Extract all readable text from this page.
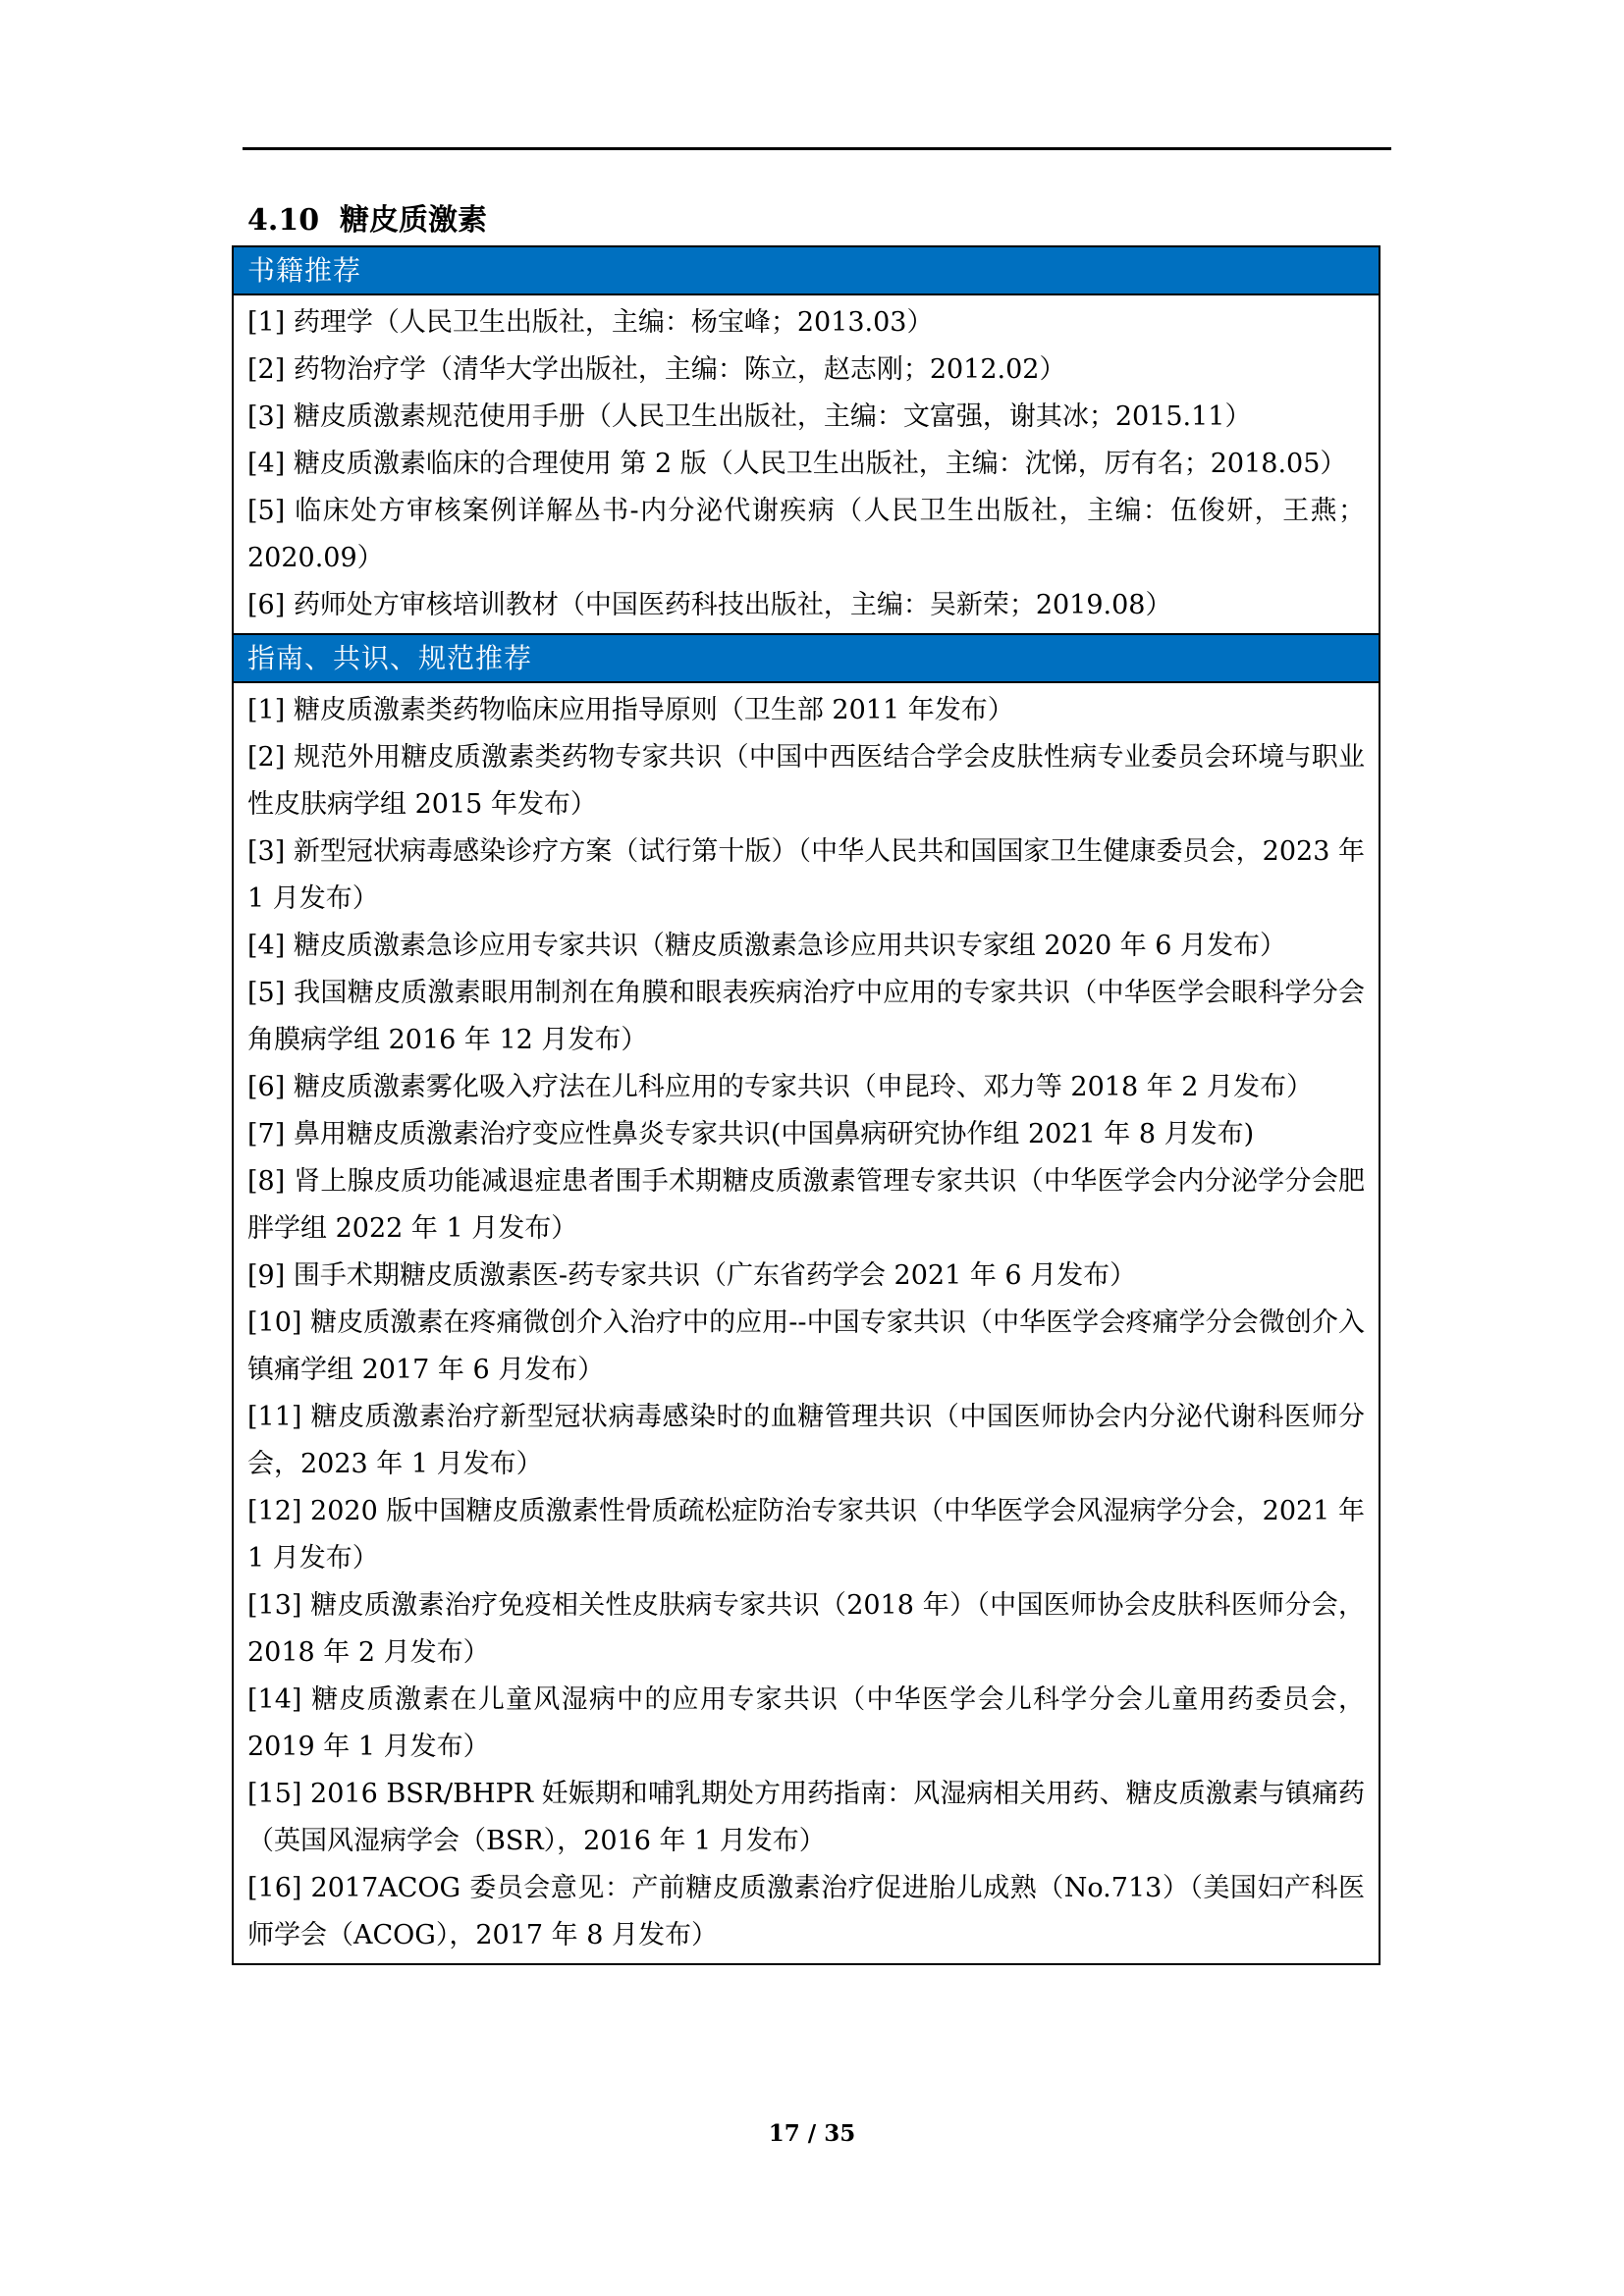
4.10 糖皮质激素
书籍推荐
[1] 药理学（人民卫生出版社，主编：杨宝峰；2013.03）
[2] 药物治疗学（清华大学出版社，主编：陈立，赵志刚；2012.02）
[3] 糖皮质激素规范使用手册（人民卫生出版社，主编：文富强，谢其冰；2015.11）
[4] 糖皮质激素临床的合理使用 第 2 版（人民卫生出版社，主编：沈悌，厉有名；2018.05）
[5] 临床处方审核案例详解丛书-内分泌代谢疾病（人民卫生出版社，主编：伍俊妍，王燕；2020.09）
[6] 药师处方审核培训教材（中国医药科技出版社，主编：吴新荣；2019.08）
指南、共识、规范推荐
[1] 糖皮质激素类药物临床应用指导原则（卫生部 2011 年发布）
[2] 规范外用糖皮质激素类药物专家共识（中国中西医结合学会皮肤性病专业委员会环境与职业性皮肤病学组 2015 年发布）
[3] 新型冠状病毒感染诊疗方案（试行第十版）（中华人民共和国国家卫生健康委员会，2023 年 1 月发布）
[4] 糖皮质激素急诊应用专家共识（糖皮质激素急诊应用共识专家组 2020 年 6 月发布）
[5] 我国糖皮质激素眼用制剂在角膜和眼表疾病治疗中应用的专家共识（中华医学会眼科学分会角膜病学组 2016 年 12 月发布）
[6] 糖皮质激素雾化吸入疗法在儿科应用的专家共识（申昆玲、邓力等 2018 年 2 月发布）
[7] 鼻用糖皮质激素治疗变应性鼻炎专家共识(中国鼻病研究协作组 2021 年 8 月发布)
[8] 肾上腺皮质功能减退症患者围手术期糖皮质激素管理专家共识（中华医学会内分泌学分会肥胖学组 2022 年 1 月发布）
[9] 围手术期糖皮质激素医-药专家共识（广东省药学会 2021 年 6 月发布）
[10] 糖皮质激素在疼痛微创介入治疗中的应用--中国专家共识（中华医学会疼痛学分会微创介入镇痛学组 2017 年 6 月发布）
[11] 糖皮质激素治疗新型冠状病毒感染时的血糖管理共识（中国医师协会内分泌代谢科医师分会，2023 年 1 月发布）
[12] 2020 版中国糖皮质激素性骨质疏松症防治专家共识（中华医学会风湿病学分会，2021 年 1 月发布）
[13] 糖皮质激素治疗免疫相关性皮肤病专家共识（2018 年）（中国医师协会皮肤科医师分会，2018 年 2 月发布）
[14] 糖皮质激素在儿童风湿病中的应用专家共识（中华医学会儿科学分会儿童用药委员会，2019 年 1 月发布）
[15] 2016 BSR/BHPR 妊娠期和哺乳期处方用药指南：风湿病相关用药、糖皮质激素与镇痛药（英国风湿病学会（BSR），2016 年 1 月发布）
[16] 2017ACOG 委员会意见：产前糖皮质激素治疗促进胎儿成熟（No.713）（美国妇产科医师学会（ACOG），2017 年 8 月发布）
17 / 35
